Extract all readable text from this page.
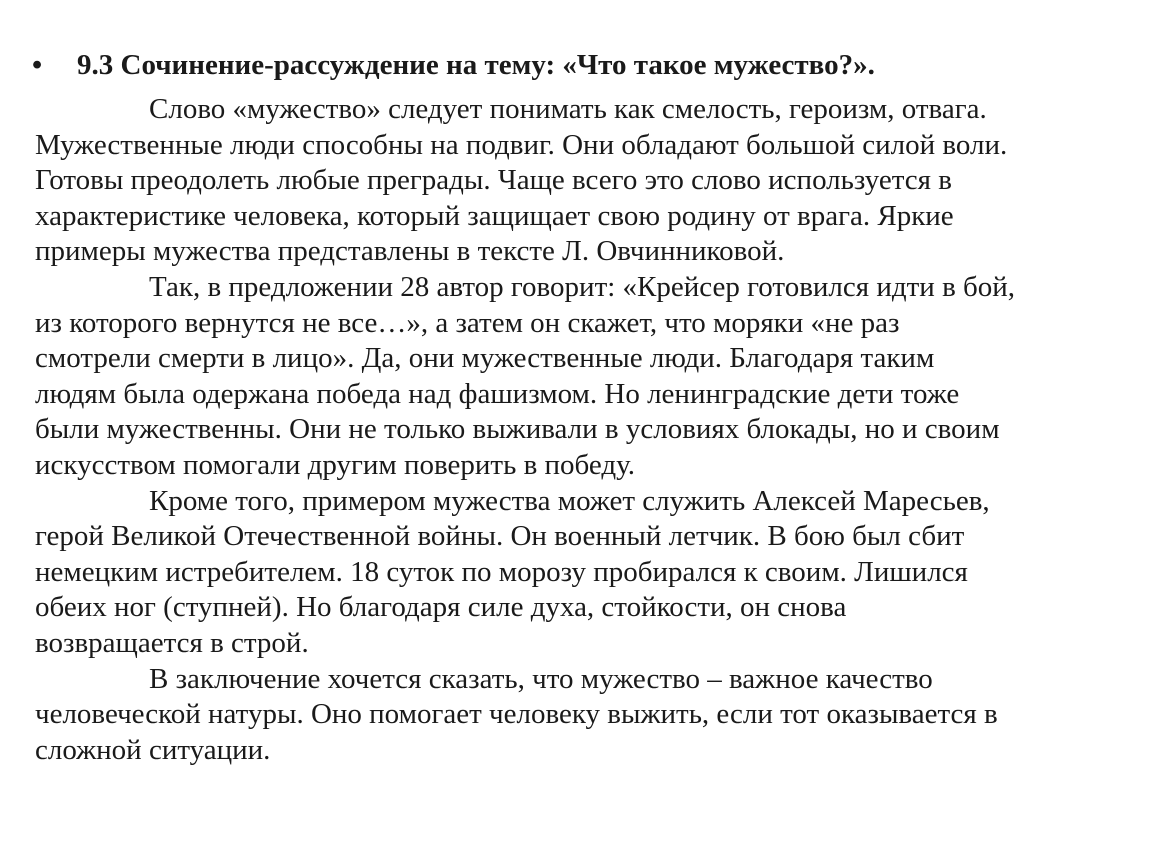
• 9.3 Сочинение-рассуждение на тему: «Что такое мужество?».
Слово «мужество» следует понимать как смелость, героизм, отвага.
Мужественные люди способны на подвиг. Они обладают большой силой воли.
Готовы преодолеть любые преграды. Чаще всего это слово используется в
характеристике человека, который защищает свою родину от врага. Яркие
примеры мужества представлены в тексте Л. Овчинниковой.
Так, в предложении 28 автор говорит: «Крейсер готовился идти в бой,
из которого вернутся не все…», а затем он скажет, что моряки «не раз
смотрели смерти в лицо». Да, они мужественные люди. Благодаря таким
людям была одержана победа над фашизмом. Но ленинградские дети тоже
были мужественны. Они не только выживали в условиях блокады, но и своим
искусством помогали другим поверить в победу.
Кроме того, примером мужества может служить Алексей Маресьев,
герой Великой Отечественной войны. Он военный летчик. В бою был сбит
немецким истребителем. 18 суток по морозу пробирался к своим. Лишился
обеих ног (ступней). Но благодаря силе духа, стойкости, он снова
возвращается в строй.
В заключение хочется сказать, что мужество – важное качество
человеческой натуры. Оно помогает человеку выжить, если тот оказывается в
сложной ситуации.
